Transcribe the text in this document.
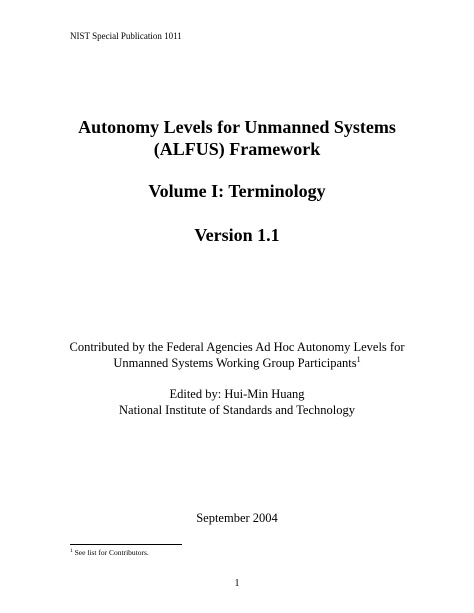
NIST Special Publication 1011
Autonomy Levels for Unmanned Systems
(ALFUS) Framework
Volume I: Terminology
Version 1.1
Contributed by the Federal Agencies Ad Hoc Autonomy Levels for
Unmanned Systems Working Group Participants$^1$
Edited by: Hui-Min Huang
National Institute of Standards and Technology
September 2004
$^1$ See list for Contributors.
1
